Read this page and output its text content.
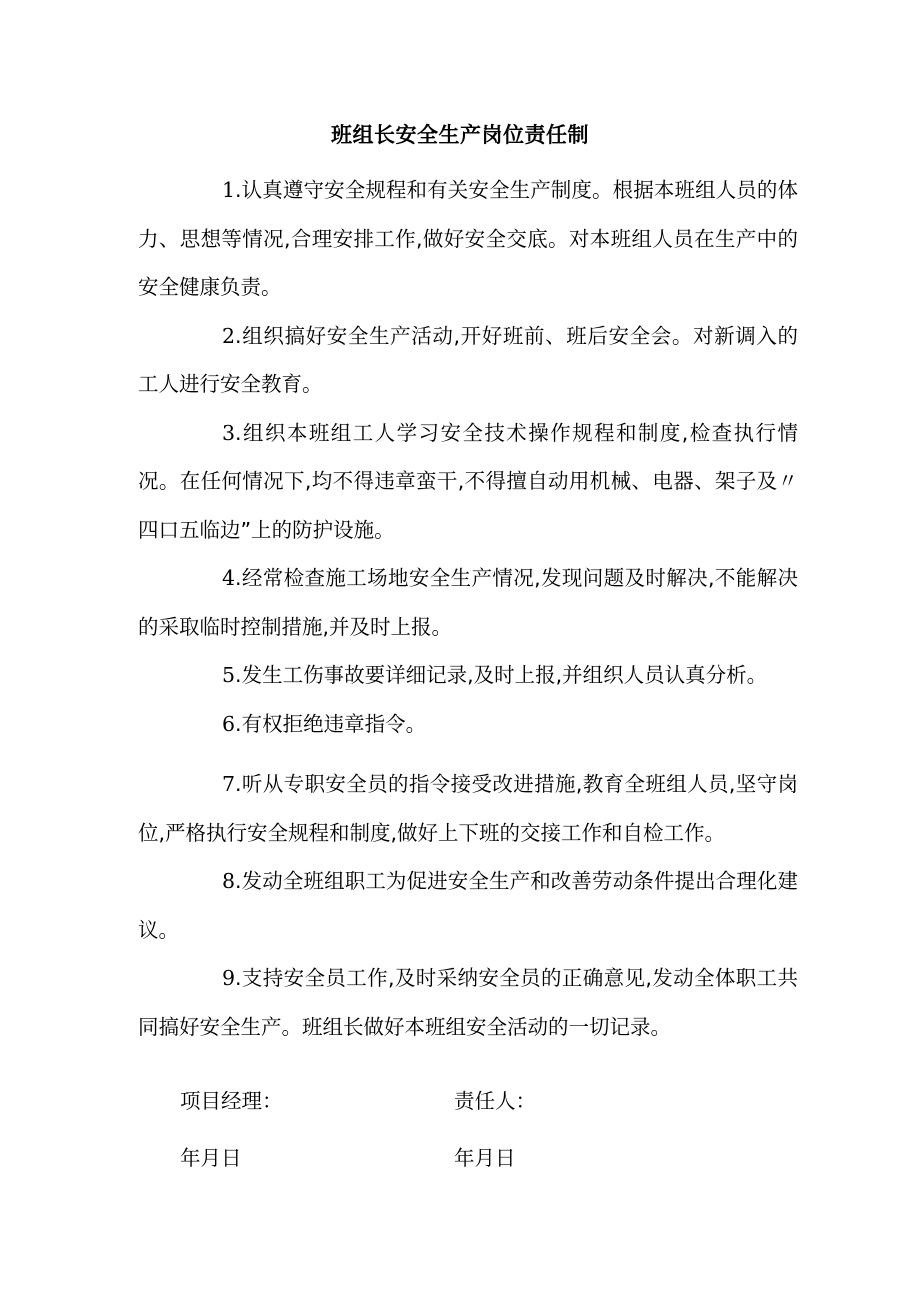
班组长安全生产岗位责任制

1.认真遵守安全规程和有关安全生产制度。根据本班组人员的体力、思想等情况,合理安排工作,做好安全交底。对本班组人员在生产中的安全健康负责。

2.组织搞好安全生产活动,开好班前、班后安全会。对新调入的工人进行安全教育。

3.组织本班组工人学习安全技术操作规程和制度,检查执行情况。在任何情况下,均不得违章蛮干,不得擅自动用机械、电器、架子及〃四口五临边”上的防护设施。

4.经常检查施工场地安全生产情况,发现问题及时解决,不能解决的采取临时控制措施,并及时上报。

5.发生工伤事故要详细记录,及时上报,并组织人员认真分析。

6.有权拒绝违章指令。

7.听从专职安全员的指令接受改进措施,教育全班组人员,坚守岗位,严格执行安全规程和制度,做好上下班的交接工作和自检工作。

8.发动全班组职工为促进安全生产和改善劳动条件提出合理化建议。

9.支持安全员工作,及时采纳安全员的正确意见,发动全体职工共同搞好安全生产。班组长做好本班组安全活动的一切记录。

项目经理：	责任人：
年月日	年月日
